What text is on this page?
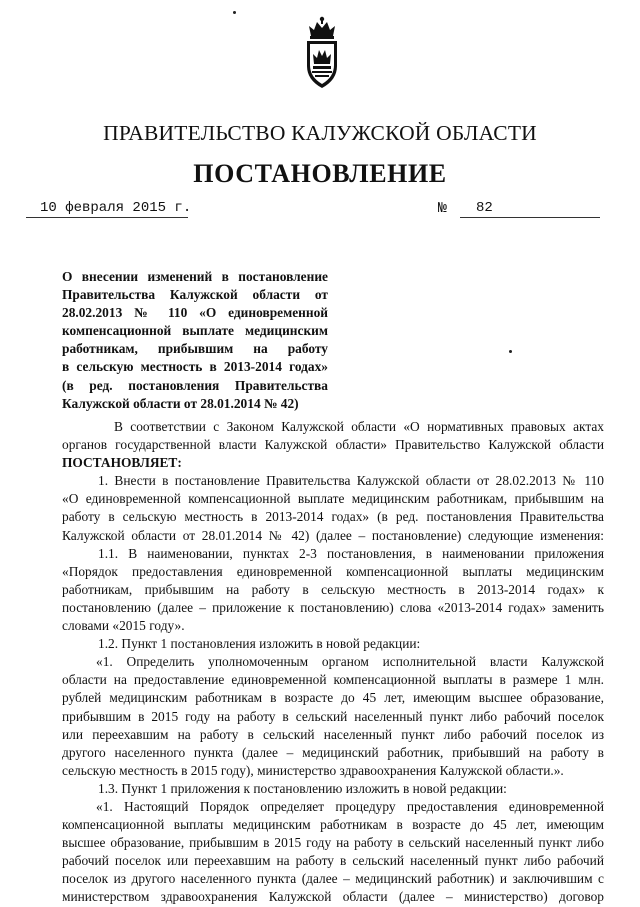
ПРАВИТЕЛЬСТВО КАЛУЖСКОЙ ОБЛАСТИ
ПОСТАНОВЛЕНИЕ
10 февраля 2015 г.	№ 82
О внесении изменений в постановление
Правительства Калужской области от
28.02.2013 № 110 «О единовременной
компенсационной выплате медицинским
работникам, прибывшим на работу
в сельскую местность в 2013-2014 годах»
(в ред. постановления Правительства
Калужской области от 28.01.2014 № 42)
В соответствии с Законом Калужской области «О нормативных правовых актах
органов государственной власти Калужской области» Правительство Калужской области
ПОСТАНОВЛЯЕТ:
1. Внести в постановление Правительства Калужской области от 28.02.2013 № 110
«О единовременной компенсационной выплате медицинским работникам, прибывшим на
работу в сельскую местность в 2013-2014 годах» (в ред. постановления Правительства
Калужской области от 28.01.2014 № 42) (далее – постановление) следующие изменения:
1.1. В наименовании, пунктах 2-3 постановления, в наименовании приложения
«Порядок предоставления единовременной компенсационной выплаты медицинским
работникам, прибывшим на работу в сельскую местность в 2013-2014 годах» к
постановлению (далее – приложение к постановлению) слова «2013-2014 годах» заменить
словами «2015 году».
1.2. Пункт 1 постановления изложить в новой редакции:
«1. Определить уполномоченным органом исполнительной власти Калужской
области на предоставление единовременной компенсационной выплаты в размере 1 млн.
рублей медицинским работникам в возрасте до 45 лет, имеющим высшее образование,
прибывшим в 2015 году на работу в сельский населенный пункт либо рабочий поселок
или переехавшим на работу в сельский населенный пункт либо рабочий поселок из
другого населенного пункта (далее – медицинский работник, прибывший на работу в
сельскую местность в 2015 году), министерство здравоохранения Калужской области.».
1.3. Пункт 1 приложения к постановлению изложить в новой редакции:
«1. Настоящий Порядок определяет процедуру предоставления единовременной
компенсационной выплаты медицинским работникам в возрасте до 45 лет, имеющим
высшее образование, прибывшим в 2015 году на работу в сельский населенный пункт либо
рабочий поселок или переехавшим на работу в сельский населенный пункт либо рабочий
поселок из другого населенного пункта (далее – медицинский работник) и заключившим с
министерством здравоохранения Калужской области (далее – министерство) договор
